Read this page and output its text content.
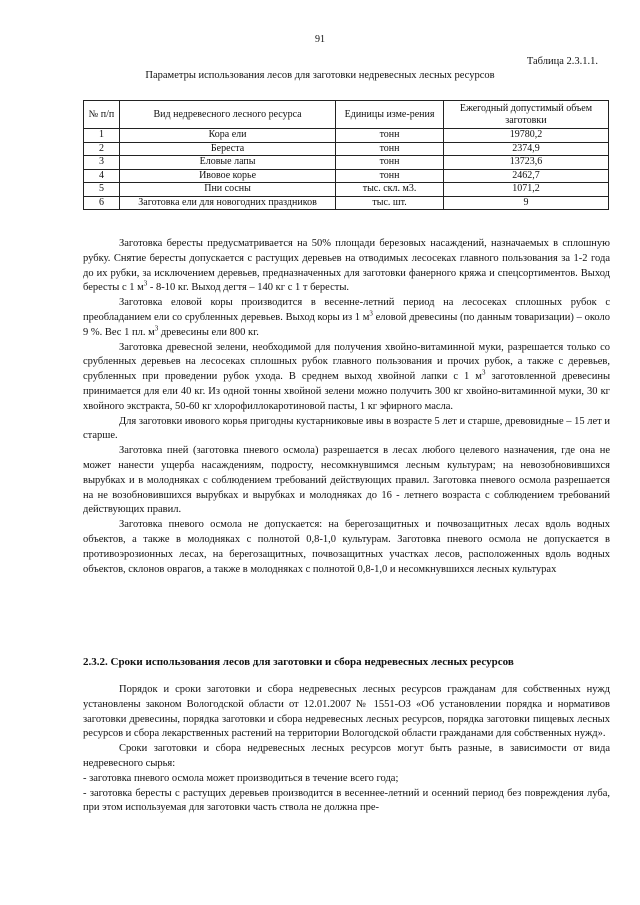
91
Таблица 2.3.1.1.
Параметры использования лесов для заготовки недревесных лесных ресурсов
№ п/п	Вид недревесного лесного ресурса	Единицы изме-рения	Ежегодный допустимый объем заготовки
1	Кора ели	тонн	19780,2
2	Береста	тонн	2374,9
3	Еловые лапы	тонн	13723,6
4	Ивовое корье	тонн	2462,7
5	Пни сосны	тыс. скл. м3.	1071,2
6	Заготовка ели для новогодних праздников	тыс. шт.	9

Заготовка бересты предусматривается на 50% площади березовых насаждений, назначаемых в сплошную рубку. Снятие бересты допускается с растущих деревьев на отводимых лесосеках главного пользования за 1-2 года до их рубки, за исключением деревьев, предназначенных для заготовки фанерного кряжа и спецсортиментов. Выход бересты с 1 $м^3 - 8-10$ кг. Выход дегтя – 140 кг с 1 т бересты.

Заготовка еловой коры производится в весенне-летний период на лесосеках сплошных рубок с преобладанием ели со срубленных деревьев. Выход коры из 1 $м^3$ еловой древесины (по данным товаризации) – около 9 %. Вес 1 пл. $м^3$ древесины ели 800 кг.

Заготовка древесной зелени, необходимой для получения хвойно-витаминной муки, разрешается только со срубленных деревьев на лесосеках сплошных рубок главного пользования и прочих рубок, а также с деревьев, срубленных при проведении рубок ухода. В среднем выход хвойной лапки с 1 $м^3$ заготовленной древесины принимается для ели 40 кг. Из одной тонны хвойной зелени можно получить 300 кг хвойно-витаминной муки, 30 кг хвойного экстракта, 50-60 кг хлорофиллокаротиновой пасты, 1 кг эфирного масла.

Для заготовки ивового корья пригодны кустарниковые ивы в возрасте 5 лет и старше, древовидные – 15 лет и старше.

Заготовка пней (заготовка пневого осмола) разрешается в лесах любого целевого назначения, где она не может нанести ущерба насаждениям, подросту, несомкнувшимся лесным культурам; на невозобновившихся вырубках и в молодняках с соблюдением требований действующих правил. Заготовка пневого осмола разрешается на не возобновившихся вырубках и вырубках и молодняках до 16 - летнего возраста с соблюдением требований действующих правил.

Заготовка пневого осмола не допускается: на берегозащитных и почвозащитных лесах вдоль водных объектов, а также в молодняках с полнотой 0,8-1,0 культурам. Заготовка пневого осмола не допускается в противоэрозионных лесах, на берегозащитных, почвозащитных участках лесов, расположенных вдоль водных объектов, склонов оврагов, а также в молодняках с полнотой 0,8-1,0 и несомкнувшихся лесных культурах

2.3.2. Сроки использования лесов для заготовки и сбора недревесных лесных ресурсов

Порядок и сроки заготовки и сбора недревесных лесных ресурсов гражданам для собственных нужд установлены законом Вологодской области от 12.01.2007 № 1551-ОЗ «Об установлении порядка и нормативов заготовки древесины, порядка заготовки и сбора недревесных лесных ресурсов, порядка заготовки пищевых лесных ресурсов и сбора лекарственных растений на территории Вологодской области гражданами для собственных нужд».

Сроки заготовки и сбора недревесных лесных ресурсов могут быть разные, в зависимости от вида недревесного сырья:

- заготовка пневого осмола может производиться в течение всего года;

- заготовка бересты с растущих деревьев производится в весеннее-летний и осенний период без повреждения луба, при этом используемая для заготовки часть ствола не должна пре-
